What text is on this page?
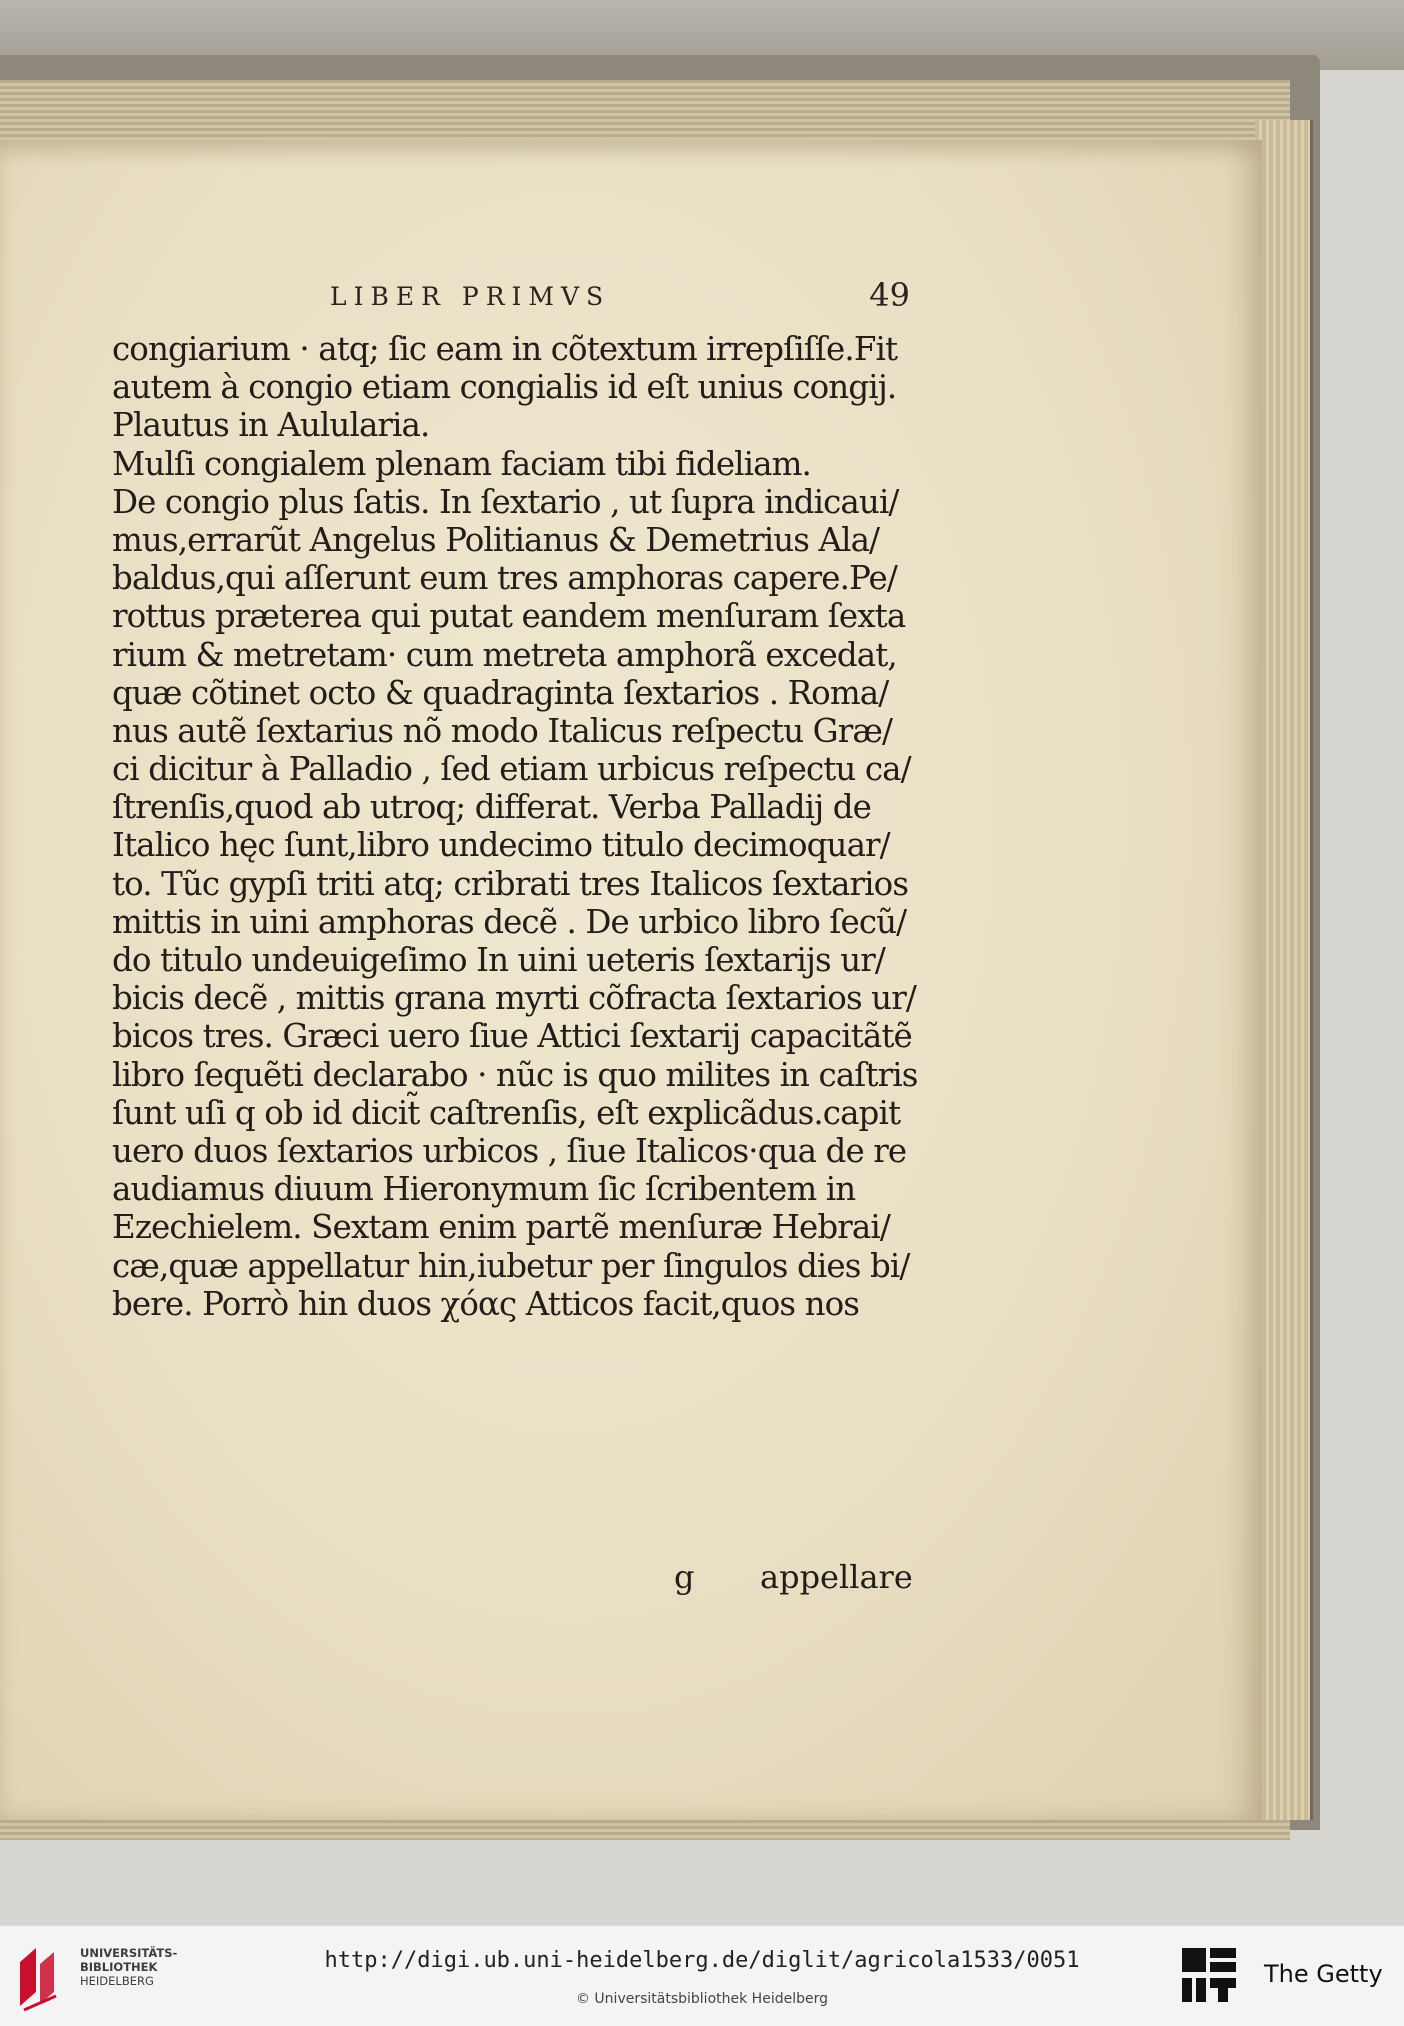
LIBER PRIMVS	49
congiarium · atq; ſic eam in cõtextum irrepſiſſe.Fit
autem à congio etiam congialis id eſt unius congij.
Plautus in Aulularia.
Mulſi congialem plenam faciam tibi fideliam.
De congio plus ſatis. In ſextario , ut ſupra indicaui/
mus,errarũt Angelus Politianus & Demetrius Ala/
baldus,qui aſſerunt eum tres amphoras capere.Pe/
rottus præterea qui putat eandem menſuram ſexta
rium & metretam· cum metreta amphorã excedat,
quæ cõtinet octo & quadraginta ſextarios . Roma/
nus autẽ ſextarius nõ modo Italicus reſpectu Græ/
ci dicitur à Palladio , ſed etiam urbicus reſpectu ca/
ſtrenſis,quod ab utroq; differat. Verba Palladij de
Italico hęc ſunt,libro undecimo titulo decimoquar/
to. Tũc gypſi triti atq; cribrati tres Italicos ſextarios
mittis in uini amphoras decẽ . De urbico libro ſecũ/
do titulo undeuigeſimo In uini ueteris ſextarijs ur/
bicis decẽ , mittis grana myrti cõfracta ſextarios ur/
bicos tres. Græci uero ſiue Attici ſextarij capacitãtẽ
libro ſequẽti declarabo · nũc is quo milites in caſtris
ſunt uſi q ob id dicit̃ caſtrenſis, eſt explicãdus.capit
uero duos ſextarios urbicos , ſiue Italicos·qua de re
audiamus diuum Hieronymum ſic ſcribentem in
Ezechielem. Sextam enim partẽ menſuræ Hebrai/
cæ,quæ appellatur hin,iubetur per ſingulos dies bi/
bere. Porrò hin duos χόας Atticos facit,quos nos
g appellare
UNIVERSITÄTS-
BIBLIOTHEK
HEIDELBERG
http://digi.ub.uni-heidelberg.de/diglit/agricola1533/0051
© Universitätsbibliothek Heidelberg
The Getty
